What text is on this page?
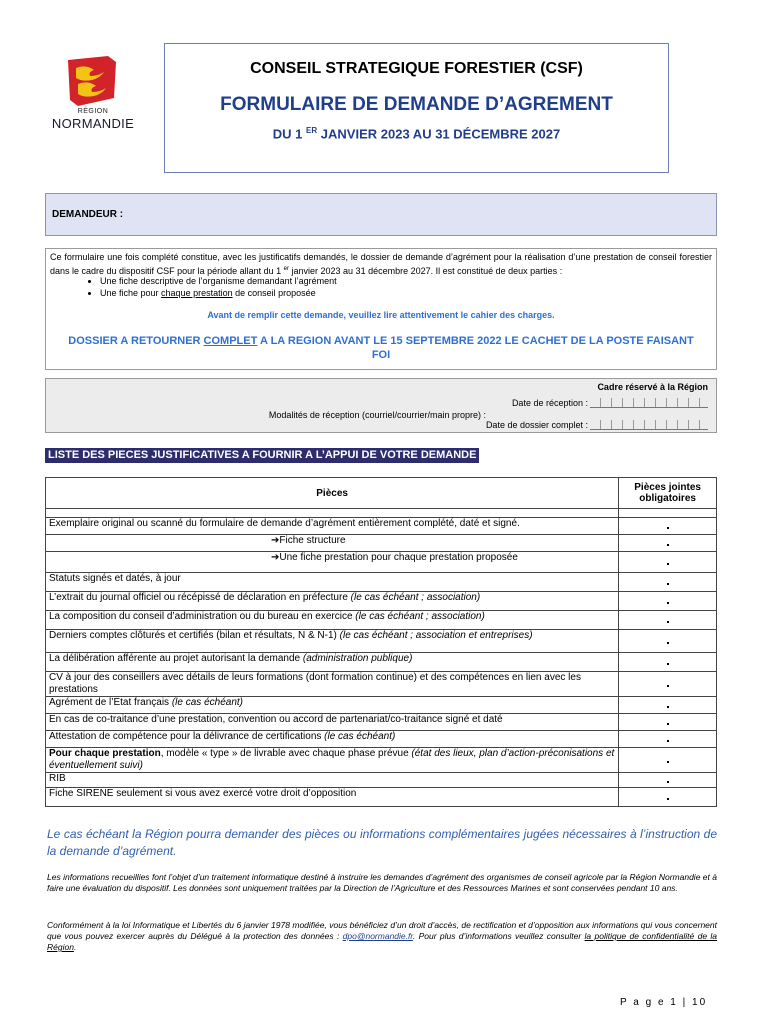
RÉGION
NORMANDIE
CONSEIL STRATEGIQUE FORESTIER (CSF)
FORMULAIRE DE DEMANDE D’AGREMENT
DU 1 $^{ER}$ JANVIER 2023 AU 31 DÉCEMBRE 2027
DEMANDEUR :
Ce formulaire une fois complété constitue, avec les justificatifs demandés, le dossier de demande d’agrément pour la réalisation d’une prestation de conseil forestier dans le cadre du dispositif CSF pour la période allant du 1 $^{er}$ janvier 2023 au 31 décembre 2027. Il est constitué de deux parties :
• Une fiche descriptive de l’organisme demandant l’agrément
• Une fiche pour chaque prestation de conseil proposée
Avant de remplir cette demande, veuillez lire attentivement le cahier des charges.
DOSSIER A RETOURNER COMPLET A LA REGION AVANT LE 15 SEPTEMBRE 2022 LE CACHET DE LA POSTE FAISANT FOI
Cadre réservé à la Région
Date de réception :
Modalités de réception (courriel/courrier/main propre) :
Date de dossier complet :
LISTE DES PIECES JUSTIFICATIVES A FOURNIR A L’APPUI DE VOTRE DEMANDE
Pièces	Pièces jointes obligatoires

Exemplaire original ou scanné du formulaire de demande d’agrément entièrement complété, daté et signé.	
➔Fiche structure	
➔Une fiche prestation pour chaque prestation proposée	
Statuts signés et datés, à jour	
L’extrait du journal officiel ou récépissé de déclaration en préfecture (le cas échéant ; association)	
La composition du conseil d’administration ou du bureau en exercice (le cas échéant ; association)	
Derniers comptes clôturés et certifiés (bilan et résultats, N & N-1) (le cas échéant ; association et entreprises)	
La délibération afférente au projet autorisant la demande (administration publique)	
CV à jour des conseillers avec détails de leurs formations (dont formation continue) et des compétences en lien avec les prestations	
Agrément de l’Etat français (le cas échéant)	
En cas de co-traitance d’une prestation, convention ou accord de partenariat/co-traitance signé et daté	
Attestation de compétence pour la délivrance de certifications (le cas échéant)	
Pour chaque prestation, modèle « type » de livrable avec chaque phase prévue (état des lieux, plan d’action-préconisations et éventuellement suivi)	
RIB	
Fiche SIRENE seulement si vous avez exercé votre droit d’opposition	
Le cas échéant la Région pourra demander des pièces ou informations complémentaires jugées nécessaires à l’instruction de la demande d’agrément.
Les informations recueillies font l’objet d’un traitement informatique destiné à instruire les demandes d’agrément des organismes de conseil agricole par la Région Normandie et à faire une évaluation du dispositif. Les données sont uniquement traitées par la Direction de l’Agriculture et des Ressources Marines et sont conservées pendant 10 ans.
Conformément à la loi Informatique et Libertés du 6 janvier 1978 modifiée, vous bénéficiez d’un droit d’accès, de rectification et d’opposition aux informations qui vous concernent que vous pouvez exercer auprès du Délégué à la protection des données : dpo@normandie.fr. Pour plus d’informations veuillez consulter la politique de confidentialité de la Région.
P a g e 1 | 10
